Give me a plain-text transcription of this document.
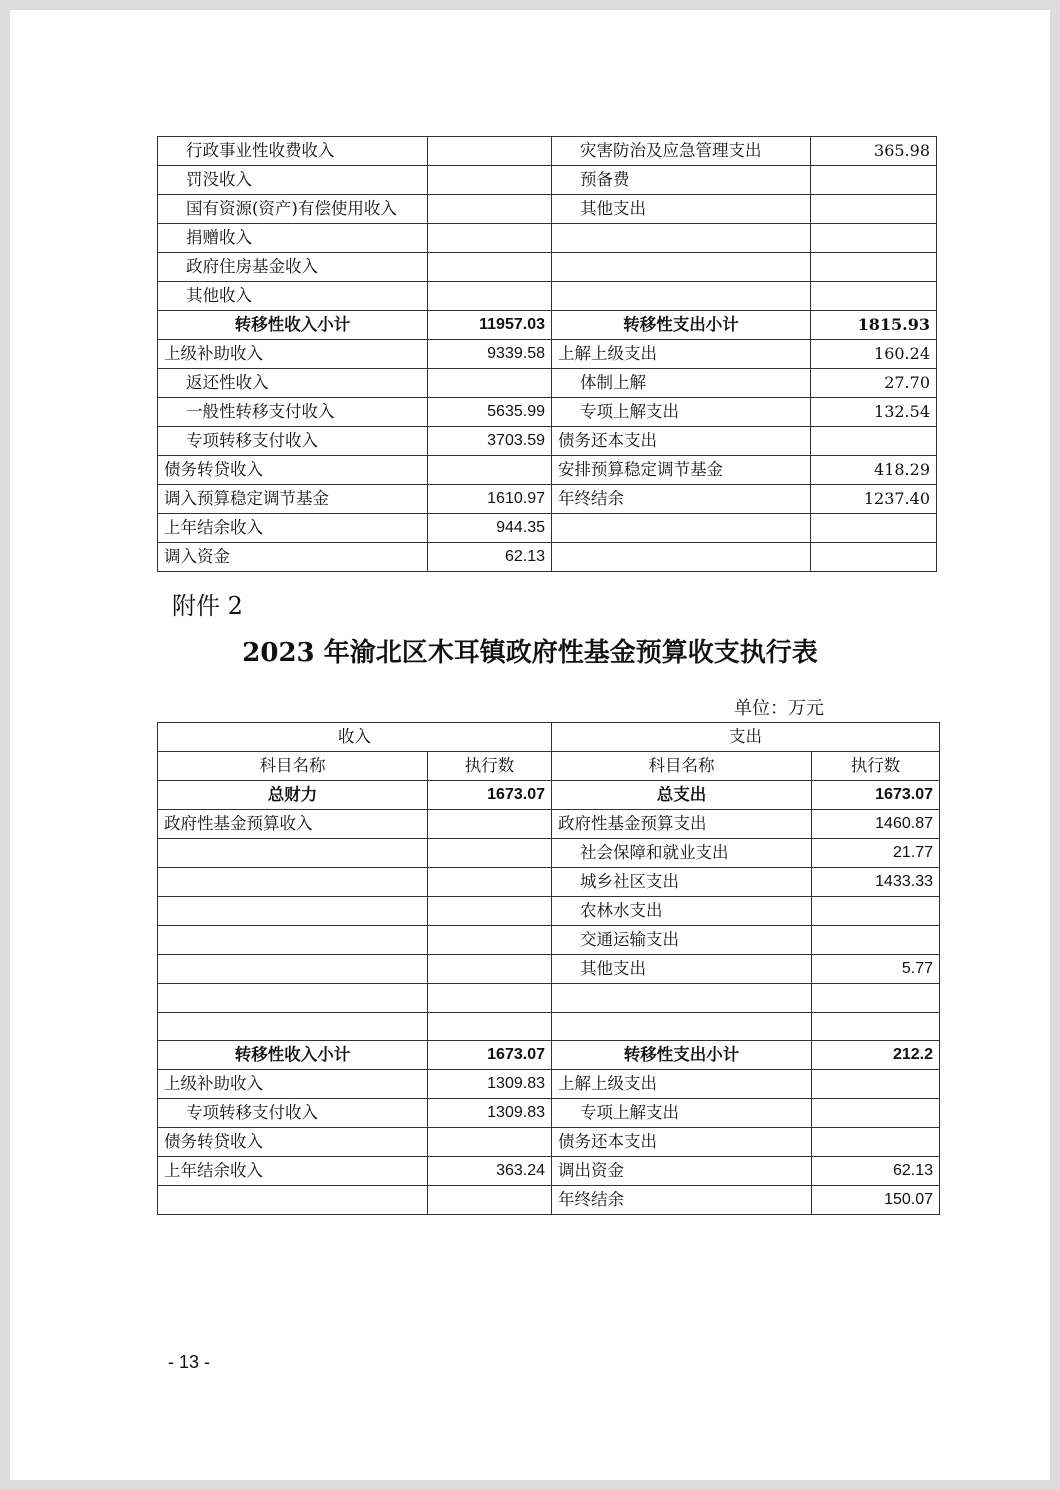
行政事业性收费收入		灾害防治及应急管理支出	365.98
罚没收入		预备费	
国有资源(资产)有偿使用收入		其他支出	
捐赠收入			
政府住房基金收入			
其他收入			
转移性收入小计	11957.03	转移性支出小计	1815.93
上级补助收入	9339.58	上解上级支出	160.24
返还性收入		体制上解	27.70
一般性转移支付收入	5635.99	专项上解支出	132.54
专项转移支付收入	3703.59	债务还本支出	
债务转贷收入		安排预算稳定调节基金	418.29
调入预算稳定调节基金	1610.97	年终结余	1237.40
上年结余收入	944.35		
调入资金	62.13		
附件 2
2023 年渝北区木耳镇政府性基金预算收支执行表
单位：万元
收入		支出	
科目名称	执行数	科目名称	执行数
总财力	1673.07	总支出	1673.07
政府性基金预算收入		政府性基金预算支出	1460.87
		社会保障和就业支出	21.77
		城乡社区支出	1433.33
		农林水支出	
		交通运输支出	
		其他支出	5.77

转移性收入小计	1673.07	转移性支出小计	212.2
上级补助收入	1309.83	上解上级支出	
专项转移支付收入	1309.83	专项上解支出	
债务转贷收入		债务还本支出	
上年结余收入	363.24	调出资金	62.13
		年终结余	150.07
- 13 -
